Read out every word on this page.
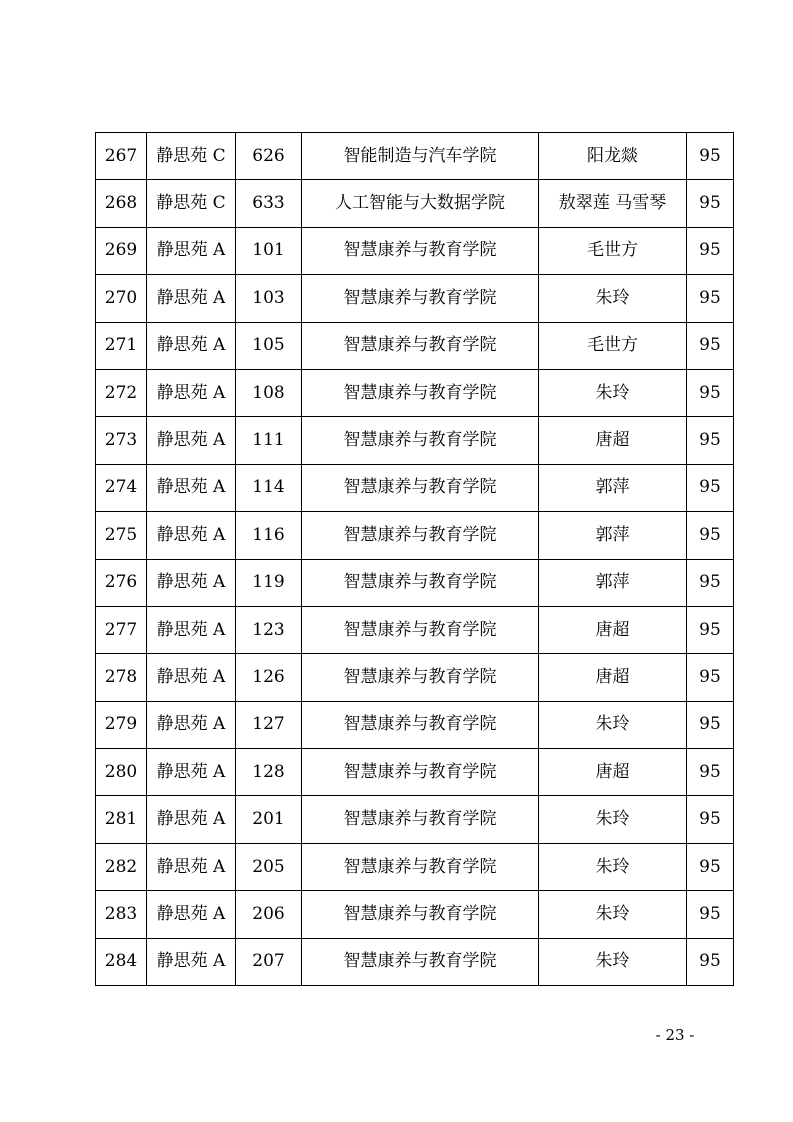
267	静思苑 C	626	智能制造与汽车学院	阳龙燚	95
268	静思苑 C	633	人工智能与大数据学院	敖翠莲 马雪琴	95
269	静思苑 A	101	智慧康养与教育学院	毛世方	95
270	静思苑 A	103	智慧康养与教育学院	朱玲	95
271	静思苑 A	105	智慧康养与教育学院	毛世方	95
272	静思苑 A	108	智慧康养与教育学院	朱玲	95
273	静思苑 A	111	智慧康养与教育学院	唐超	95
274	静思苑 A	114	智慧康养与教育学院	郭萍	95
275	静思苑 A	116	智慧康养与教育学院	郭萍	95
276	静思苑 A	119	智慧康养与教育学院	郭萍	95
277	静思苑 A	123	智慧康养与教育学院	唐超	95
278	静思苑 A	126	智慧康养与教育学院	唐超	95
279	静思苑 A	127	智慧康养与教育学院	朱玲	95
280	静思苑 A	128	智慧康养与教育学院	唐超	95
281	静思苑 A	201	智慧康养与教育学院	朱玲	95
282	静思苑 A	205	智慧康养与教育学院	朱玲	95
283	静思苑 A	206	智慧康养与教育学院	朱玲	95
284	静思苑 A	207	智慧康养与教育学院	朱玲	95
- 23 -
